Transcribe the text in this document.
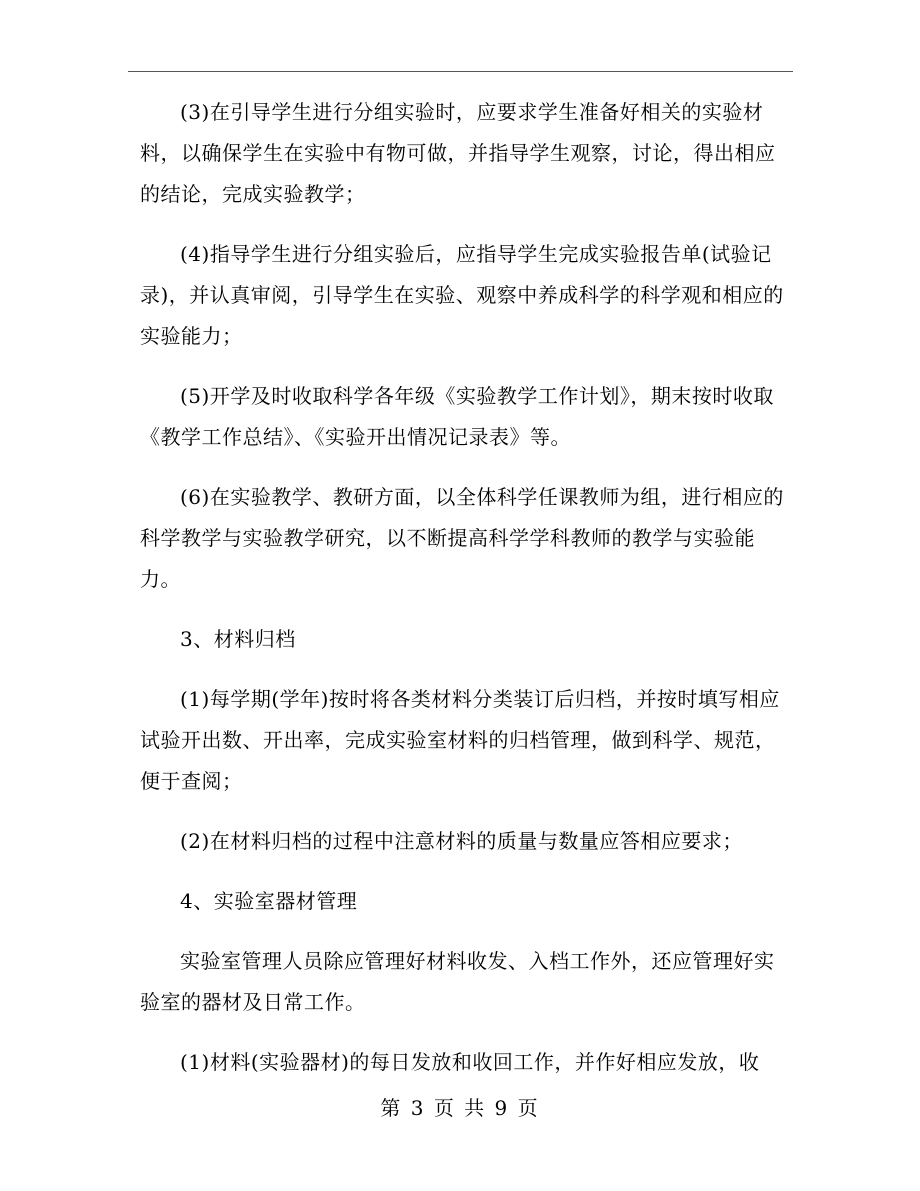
(3)在引导学生进行分组实验时，应要求学生准备好相关的实验材料，以确保学生在实验中有物可做，并指导学生观察，讨论，得出相应的结论，完成实验教学；

(4)指导学生进行分组实验后，应指导学生完成实验报告单(试验记录)，并认真审阅，引导学生在实验、观察中养成科学的科学观和相应的实验能力；

(5)开学及时收取科学各年级《实验教学工作计划》，期末按时收取《教学工作总结》、《实验开出情况记录表》等。

(6)在实验教学、教研方面，以全体科学任课教师为组，进行相应的科学教学与实验教学研究，以不断提高科学学科教师的教学与实验能力。

3、材料归档

(1)每学期(学年)按时将各类材料分类装订后归档，并按时填写相应试验开出数、开出率，完成实验室材料的归档管理，做到科学、规范，便于查阅；

(2)在材料归档的过程中注意材料的质量与数量应答相应要求；

4、实验室器材管理

实验室管理人员除应管理好材料收发、入档工作外，还应管理好实验室的器材及日常工作。

(1)材料(实验器材)的每日发放和收回工作，并作好相应发放，收

第 3 页 共 9 页
